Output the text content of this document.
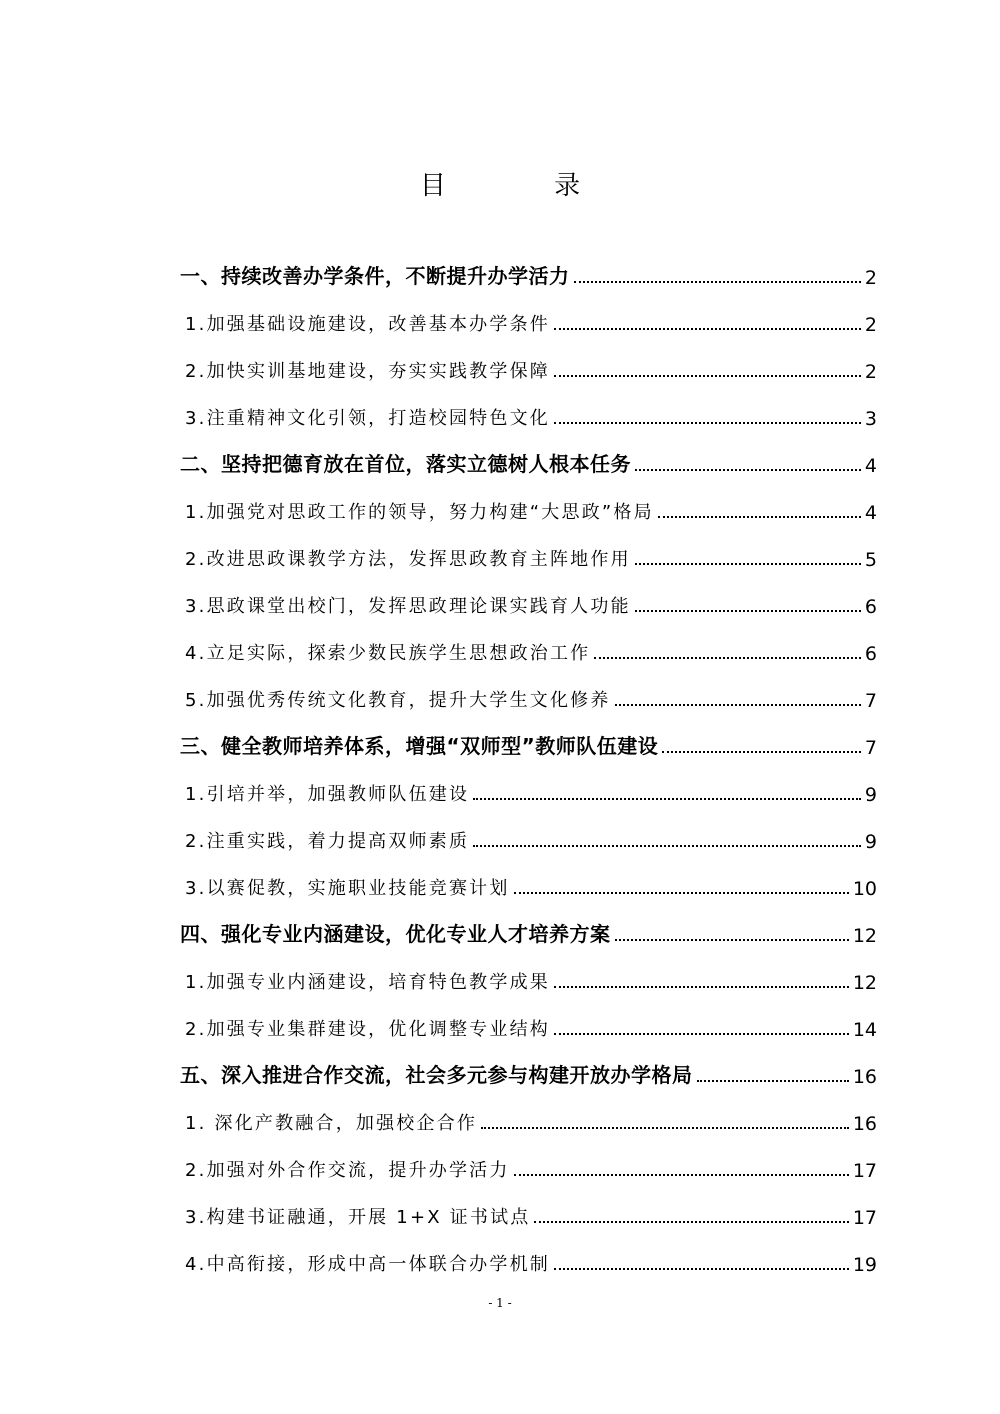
目 录
一、持续改善办学条件，不断提升办学活力	2
1.加强基础设施建设，改善基本办学条件	2
2.加快实训基地建设，夯实实践教学保障	2
3.注重精神文化引领，打造校园特色文化	3
二、坚持把德育放在首位，落实立德树人根本任务	4
1.加强党对思政工作的领导，努力构建“大思政”格局	4
2.改进思政课教学方法，发挥思政教育主阵地作用	5
3.思政课堂出校门，发挥思政理论课实践育人功能	6
4.立足实际，探索少数民族学生思想政治工作	6
5.加强优秀传统文化教育，提升大学生文化修养	7
三、健全教师培养体系，增强“双师型”教师队伍建设	7
1.引培并举，加强教师队伍建设	9
2.注重实践，着力提高双师素质	9
3.以赛促教，实施职业技能竞赛计划	10
四、强化专业内涵建设，优化专业人才培养方案	12
1.加强专业内涵建设，培育特色教学成果	12
2.加强专业集群建设，优化调整专业结构	14
五、深入推进合作交流，社会多元参与构建开放办学格局	16
1. 深化产教融合，加强校企合作	16
2.加强对外合作交流，提升办学活力	17
3.构建书证融通，开展 1+X 证书试点	17
4.中高衔接，形成中高一体联合办学机制	19
- 1 -
